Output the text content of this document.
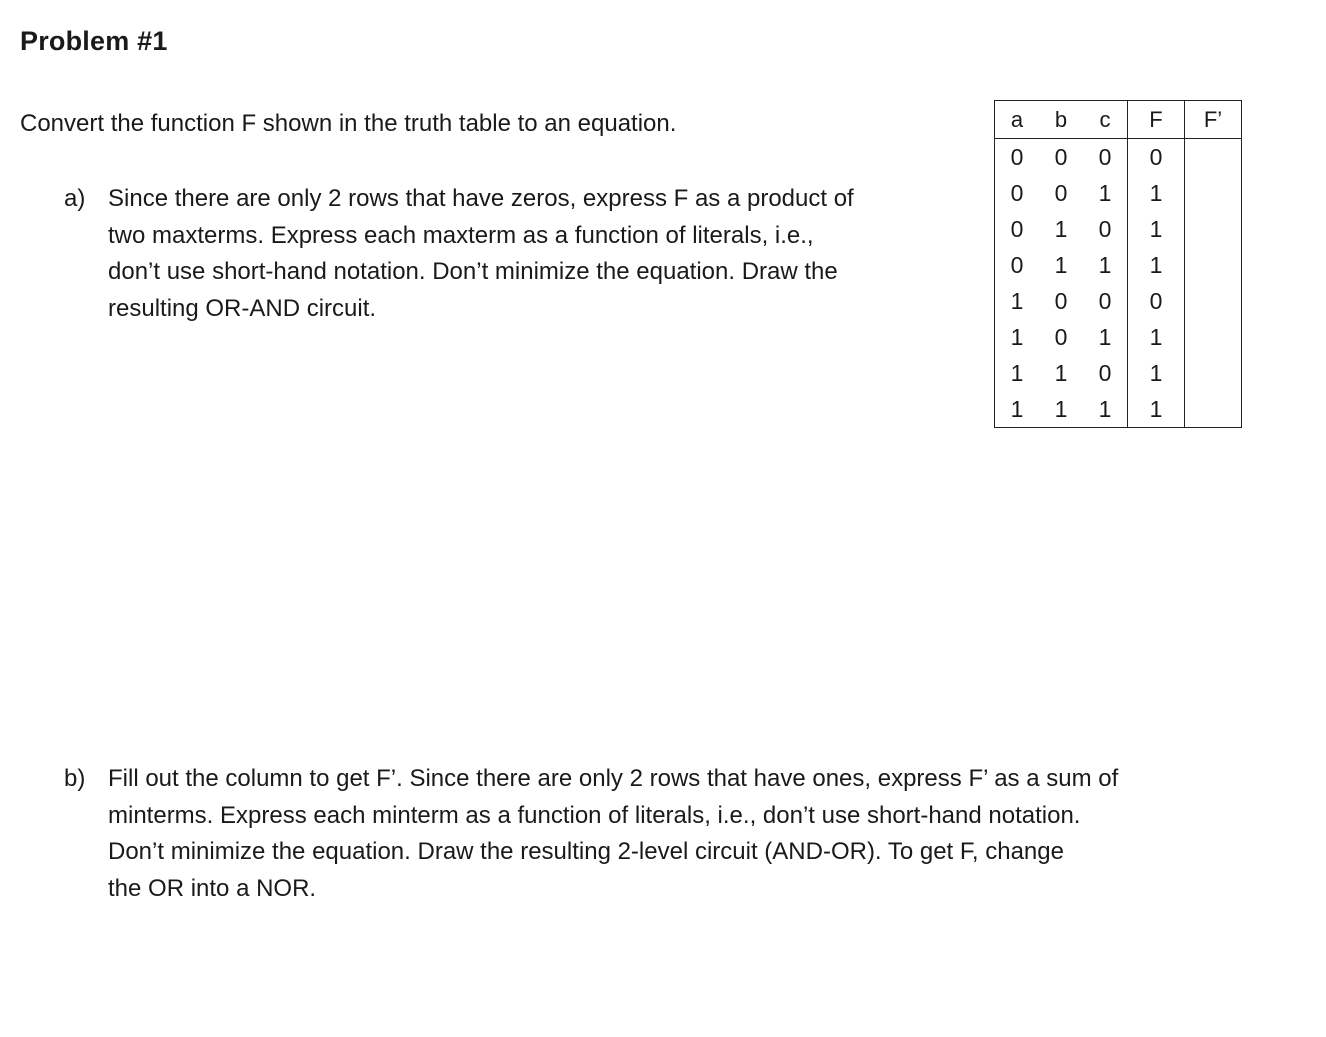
Problem #1
Convert the function F shown in the truth table to an equation.
a) Since there are only 2 rows that have zeros, express F as a product of
two maxterms. Express each maxterm as a function of literals, i.e.,
don’t use short-hand notation. Don’t minimize the equation. Draw the
resulting OR-AND circuit.
a	b	c	F	F’
0	0	0	0	
0	0	1	1	
0	1	0	1	
0	1	1	1	
1	0	0	0	
1	0	1	1	
1	1	0	1	
1	1	1	1	
b) Fill out the column to get F’. Since there are only 2 rows that have ones, express F’ as a sum of
minterms. Express each minterm as a function of literals, i.e., don’t use short-hand notation.
Don’t minimize the equation. Draw the resulting 2-level circuit (AND-OR). To get F, change
the OR into a NOR.
